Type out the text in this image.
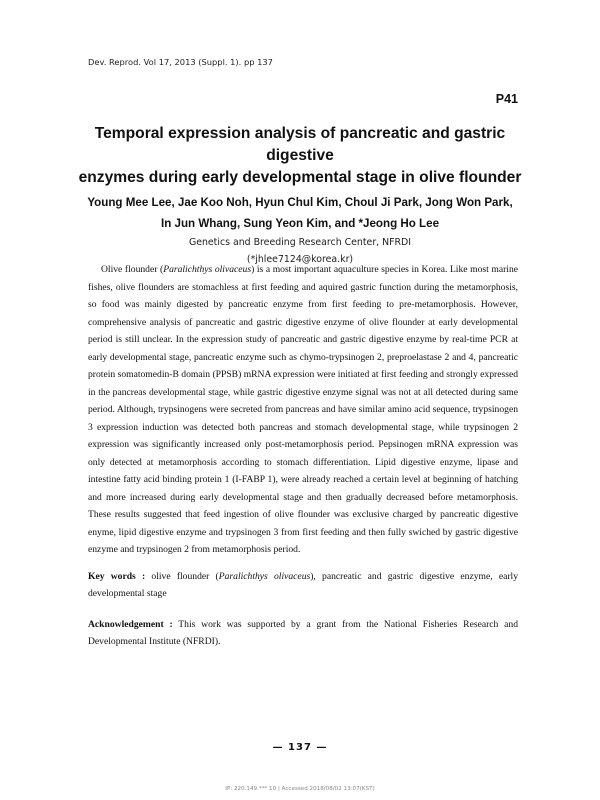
Dev. Reprod. Vol 17, 2013 (Suppl. 1). pp 137
P41
Temporal expression analysis of pancreatic and gastric digestive
enzymes during early developmental stage in olive flounder
Young Mee Lee, Jae Koo Noh, Hyun Chul Kim, Choul Ji Park, Jong Won Park,
In Jun Whang, Sung Yeon Kim, and *Jeong Ho Lee
Genetics and Breeding Research Center, NFRDI
(*jhlee7124@korea.kr)

Olive flounder (Paralichthys olivaceus) is a most important aquaculture species in Korea. Like most marine fishes, olive flounders are stomachless at first feeding and aquired gastric function during the metamorphosis, so food was mainly digested by pancreatic enzyme from first feeding to pre-metamorphosis. However, comprehensive analysis of pancreatic and gastric digestive enzyme of olive flounder at early developmental period is still unclear. In the expression study of pancreatic and gastric digestive enzyme by real-time PCR at early developmental stage, pancreatic enzyme such as chymo-trypsinogen 2, preproelastase 2 and 4, pancreatic protein somatomedin-B domain (PPSB) mRNA expression were initiated at first feeding and strongly expressed in the pancreas developmental stage, while gastric digestive enzyme signal was not at all detected during same period. Although, trypsinogens were secreted from pancreas and have similar amino acid sequence, trypsinogen 3 expression induction was detected both pancreas and stomach developmental stage, while trypsinogen 2 expression was significantly increased only post-metamorphosis period. Pepsinogen mRNA expression was only detected at metamorphosis according to stomach differentiation. Lipid digestive enzyme, lipase and intestine fatty acid binding protein 1 (I-FABP 1), were already reached a certain level at beginning of hatching and more increased during early developmental stage and then gradually decreased before metamorphosis. These results suggested that feed ingestion of olive flounder was exclusive charged by pancreatic digestive enyme, lipid digestive enzyme and trypsinogen 3 from first feeding and then fully swiched by gastric digestive enzyme and trypsinogen 2 from metamorphosis period.

Key words : olive flounder (Paralichthys olivaceus), pancreatic and gastric digestive enzyme, early developmental stage

Acknowledgement : This work was supported by a grant from the National Fisheries Research and Developmental Institute (NFRDI).

— 137 —
IP: 220.149.*** 10 | Accessed 2018/08/02 13:07(KST)
